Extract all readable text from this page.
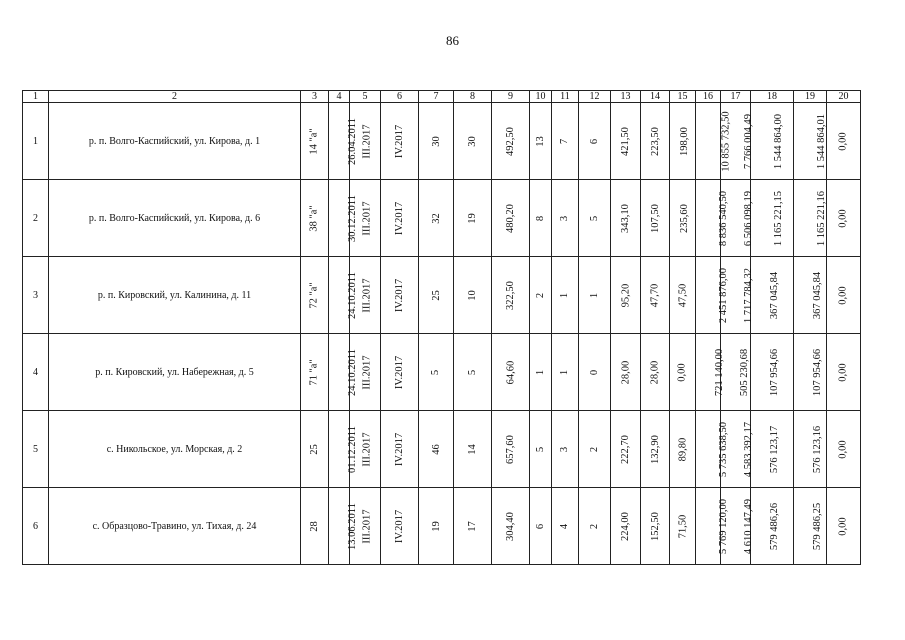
86
1	2	3	4	5	6	7	8	9	10	11	12	13	14	15	16	17	18	19	20
1	р. п. Волго-Каспийский, ул. Кирова, д. 1	14 "а"	26.04.2011	III.2017	IV.2017	30	30	492,50	13	7	6	421,50	223,50	198,00	10 855 732,50	7 766 004,49	1 544 864,00	1 544 864,01	0,00
2	р. п. Волго-Каспийский, ул. Кирова, д. 6	38 "а"	30.12.2011	III.2017	IV.2017	32	19	480,20	8	3	5	343,10	107,50	235,60	8 836 540,50	6 506 098,19	1 165 221,15	1 165 221,16	0,00
3	р. п. Кировский, ул. Калинина, д. 11	72 "а"	24.10.2011	III.2017	IV.2017	25	10	322,50	2	1	1	95,20	47,70	47,50	2 451 876,00	1 717 784,32	367 045,84	367 045,84	0,00
4	р. п. Кировский, ул. Набережная, д. 5	71 "а"	24.10.2011	III.2017	IV.2017	5	5	64,60	1	1	0	28,00	28,00	0,00	721 140,00	505 230,68	107 954,66	107 954,66	0,00
5	с. Никольское, ул. Морская, д. 2	25	01.12.2011	III.2017	IV.2017	46	14	657,60	5	3	2	222,70	132,90	89,80	5 735 638,50	4 583 392,17	576 123,17	576 123,16	0,00
6	с. Образцово-Травино, ул. Тихая, д. 24	28	13.06.2011	III.2017	IV.2017	19	17	304,40	6	4	2	224,00	152,50	71,50	5 769 120,00	4 610 147,49	579 486,26	579 486,25	0,00
